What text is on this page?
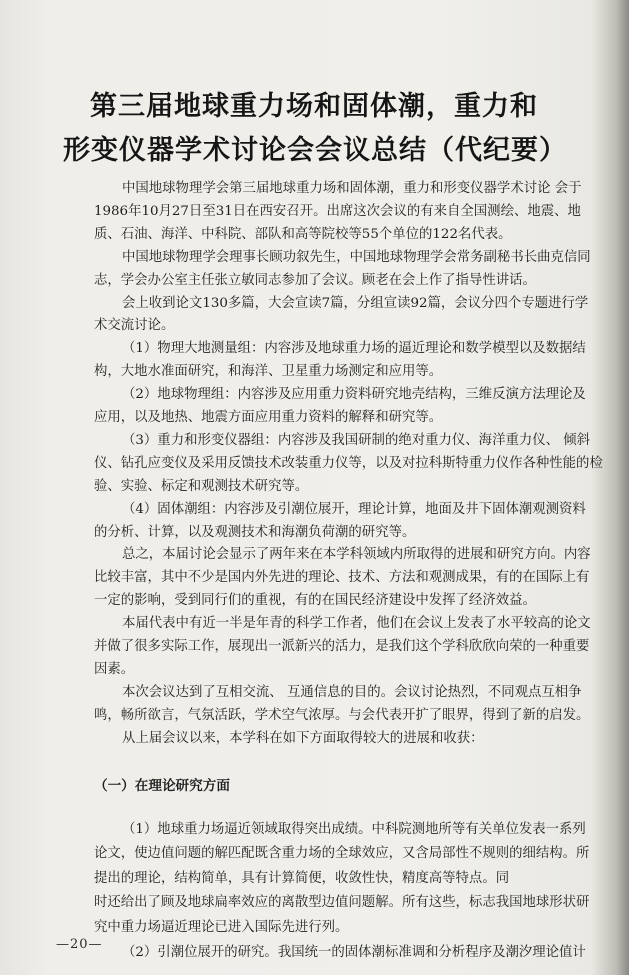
第三届地球重力场和固体潮，重力和
形变仪器学术讨论会会议总结（代纪要）
中国地球物理学会第三届地球重力场和固体潮，重力和形变仪器学术讨论 会于
1986年10月27日至31日在西安召开。出席这次会议的有来自全国测绘、地震、地
质、石油、海洋、中科院、部队和高等院校等55个单位的122名代表。
中国地球物理学会理事长顾功叙先生，中国地球物理学会常务副秘书长曲克信同
志，学会办公室主任张立敏同志参加了会议。顾老在会上作了指导性讲话。
会上收到论文130多篇，大会宣读7篇，分组宣读92篇，会议分四个专题进行学
术交流讨论。
（1）物理大地测量组：内容涉及地球重力场的逼近理论和数学模型以及数据结
构，大地水准面研究，和海洋、卫星重力场测定和应用等。
（2）地球物理组：内容涉及应用重力资料研究地壳结构，三维反演方法理论及
应用，以及地热、地震方面应用重力资料的解释和研究等。
（3）重力和形变仪器组：内容涉及我国研制的绝对重力仪、海洋重力仪、 倾斜
仪、钻孔应变仪及采用反馈技术改装重力仪等，以及对拉科斯特重力仪作各种性能的检
验、实验、标定和观测技术研究等。
（4）固体潮组：内容涉及引潮位展开，理论计算，地面及井下固体潮观测资料
的分析、计算，以及观测技术和海潮负荷潮的研究等。
总之，本届讨论会显示了两年来在本学科领域内所取得的进展和研究方向。内容
比较丰富，其中不少是国内外先进的理论、技术、方法和观测成果，有的在国际上有
一定的影响，受到同行们的重视，有的在国民经济建设中发挥了经济效益。
本届代表中有近一半是年青的科学工作者，他们在会议上发表了水平较高的论文
并做了很多实际工作，展现出一派新兴的活力，是我们这个学科欣欣向荣的一种重要
因素。
本次会议达到了互相交流、 互通信息的目的。会议讨论热烈，不同观点互相争
鸣，畅所欲言，气氛活跃，学术空气浓厚。与会代表开扩了眼界，得到了新的启发。
从上届会议以来，本学科在如下方面取得较大的进展和收获：
（一）在理论研究方面
（1）地球重力场逼近领域取得突出成绩。中科院测地所等有关单位发表一系列
论文，使边值问题的解匹配既含重力场的全球效应，又含局部性不规则的细结构。所
提出的理论，结构简单，具有计算简便，收敛性快，精度高等特点。同
时还给出了顾及地球扁率效应的离散型边值问题解。所有这些，标志我国地球形状研
究中重力场逼近理论已进入国际先进行列。
（2）引潮位展开的研究。我国统一的固体潮标准调和分析程序及潮汐理论值计
—20—
